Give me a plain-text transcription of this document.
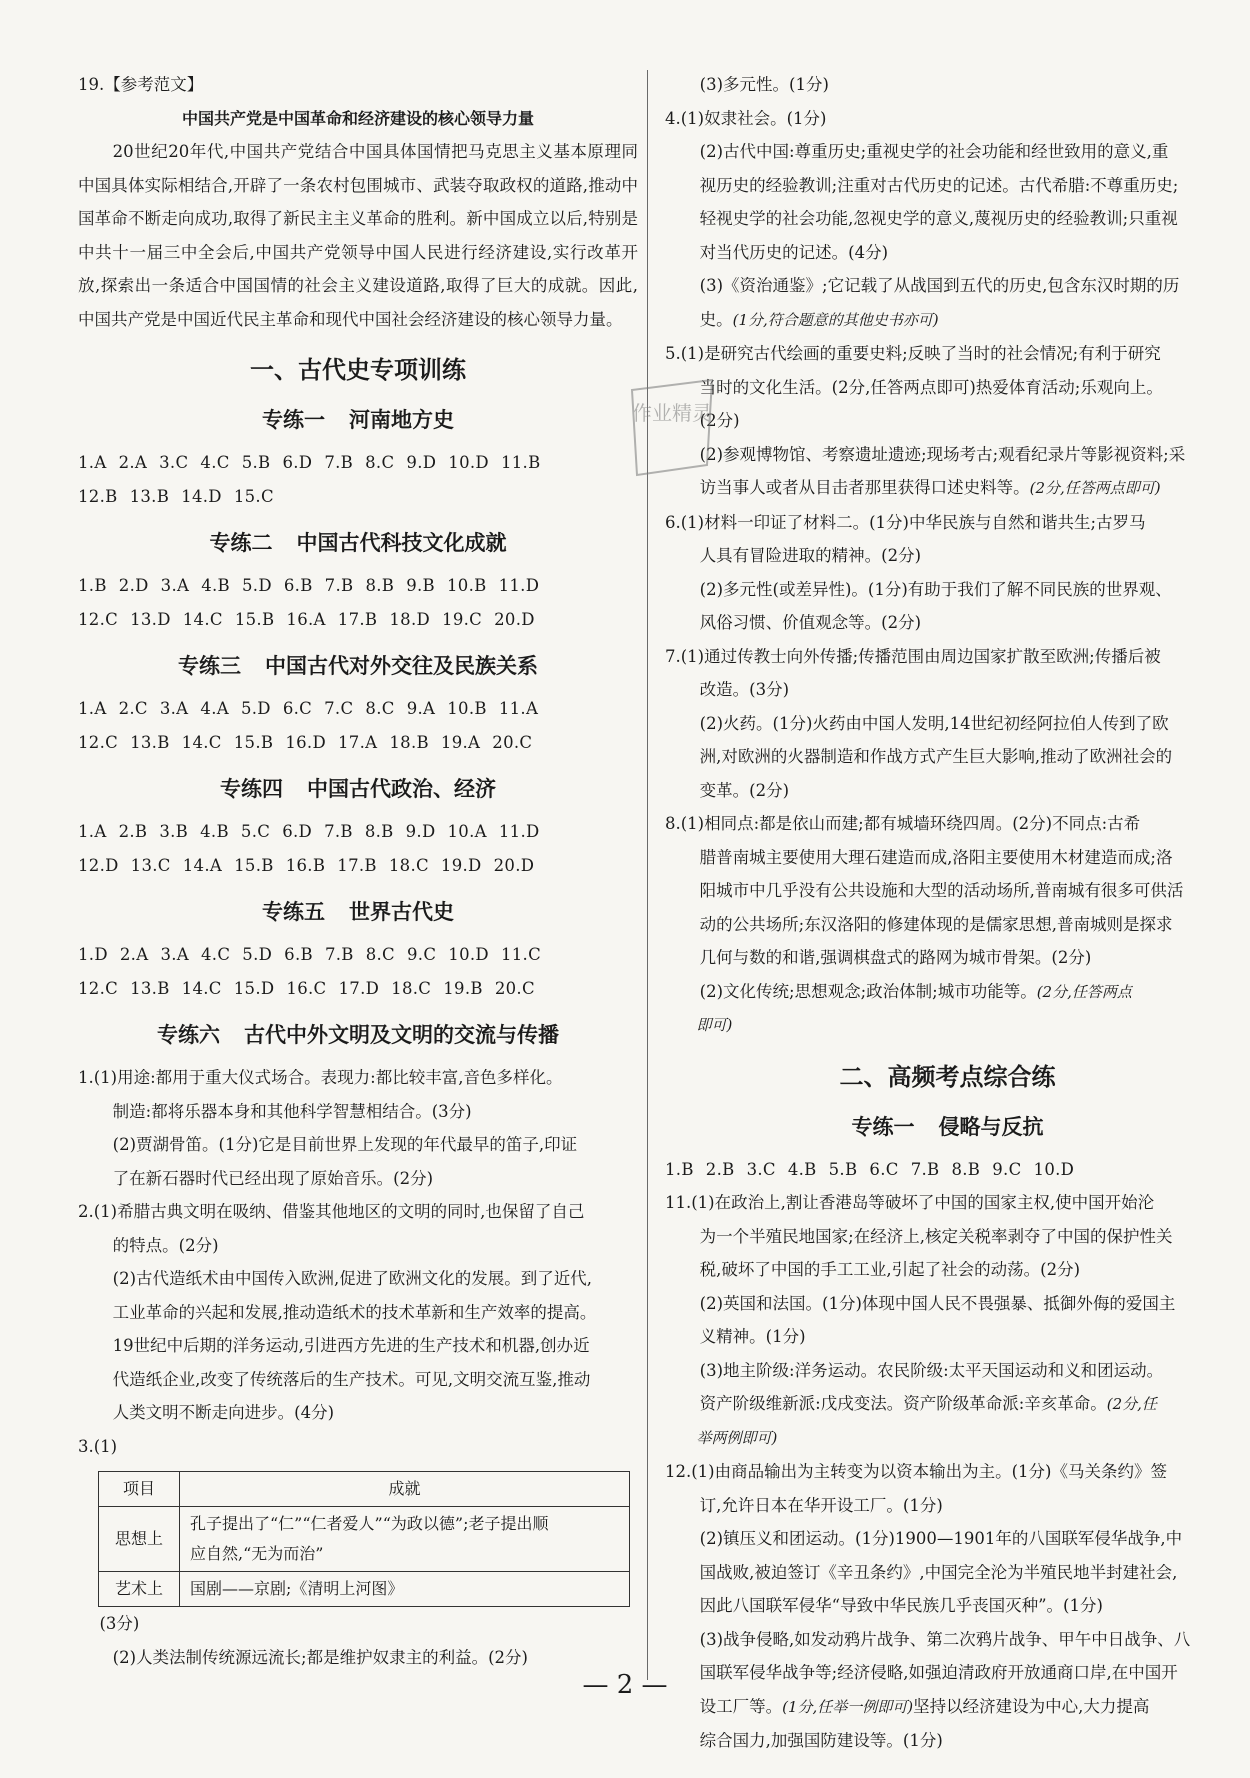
19.【参考范文】

中国共产党是中国革命和经济建设的核心领导力量

20世纪20年代,中国共产党结合中国具体国情把马克思主义基本原理同中国具体实际相结合,开辟了一条农村包围城市、武装夺取政权的道路,推动中国革命不断走向成功,取得了新民主主义革命的胜利。新中国成立以后,特别是中共十一届三中全会后,中国共产党领导中国人民进行经济建设,实行改革开放,探索出一条适合中国国情的社会主义建设道路,取得了巨大的成就。因此,中国共产党是中国近代民主革命和现代中国社会经济建设的核心领导力量。

一、古代史专项训练
专练一 河南地方史

1.A 2.A 3.C 4.C 5.B 6.D 7.B 8.C 9.D 10.D 11.B

12.B 13.B 14.D 15.C

专练二 中国古代科技文化成就

1.B 2.D 3.A 4.B 5.D 6.B 7.B 8.B 9.B 10.B 11.D

12.C 13.D 14.C 15.B 16.A 17.B 18.D 19.C 20.D

专练三 中国古代对外交往及民族关系

1.A 2.C 3.A 4.A 5.D 6.C 7.C 8.C 9.A 10.B 11.A

12.C 13.B 14.C 15.B 16.D 17.A 18.B 19.A 20.C

专练四 中国古代政治、经济

1.A 2.B 3.B 4.B 5.C 6.D 7.B 8.B 9.D 10.A 11.D

12.D 13.C 14.A 15.B 16.B 17.B 18.C 19.D 20.D

专练五 世界古代史

1.D 2.A 3.A 4.C 5.D 6.B 7.B 8.C 9.C 10.D 11.C

12.C 13.B 14.C 15.D 16.C 17.D 18.C 19.B 20.C

专练六 古代中外文明及文明的交流与传播

1.(1)用途:都用于重大仪式场合。表现力:都比较丰富,音色多样化。

制造:都将乐器本身和其他科学智慧相结合。(3分)

(2)贾湖骨笛。(1分)它是目前世界上发现的年代最早的笛子,印证

了在新石器时代已经出现了原始音乐。(2分)

2.(1)希腊古典文明在吸纳、借鉴其他地区的文明的同时,也保留了自己

的特点。(2分)

(2)古代造纸术由中国传入欧洲,促进了欧洲文化的发展。到了近代,

工业革命的兴起和发展,推动造纸术的技术革新和生产效率的提高。

19世纪中后期的洋务运动,引进西方先进的生产技术和机器,创办近

代造纸企业,改变了传统落后的生产技术。可见,文明交流互鉴,推动

人类文明不断走向进步。(4分)

3.(1)

项目	成就
思想上	孔子提出了“仁”“仁者爱人”“为政以德”;老子提出顺
应自然,“无为而治”
艺术上	国剧——京剧;《清明上河图》

(3分)

(2)人类法制传统源远流长;都是维护奴隶主的利益。(2分)

(3)多元性。(1分)

4.(1)奴隶社会。(1分)

(2)古代中国:尊重历史;重视史学的社会功能和经世致用的意义,重

视历史的经验教训;注重对古代历史的记述。古代希腊:不尊重历史;

轻视史学的社会功能,忽视史学的意义,蔑视历史的经验教训;只重视

对当代历史的记述。(4分)

(3)《资治通鉴》;它记载了从战国到五代的历史,包含东汉时期的历

史。(1分,符合题意的其他史书亦可)

5.(1)是研究古代绘画的重要史料;反映了当时的社会情况;有利于研究

当时的文化生活。(2分,任答两点即可)热爱体育活动;乐观向上。

(2分)

(2)参观博物馆、考察遗址遗迹;现场考古;观看纪录片等影视资料;采

访当事人或者从目击者那里获得口述史料等。(2分,任答两点即可)

6.(1)材料一印证了材料二。(1分)中华民族与自然和谐共生;古罗马

人具有冒险进取的精神。(2分)

(2)多元性(或差异性)。(1分)有助于我们了解不同民族的世界观、

风俗习惯、价值观念等。(2分)

7.(1)通过传教士向外传播;传播范围由周边国家扩散至欧洲;传播后被

改造。(3分)

(2)火药。(1分)火药由中国人发明,14世纪初经阿拉伯人传到了欧

洲,对欧洲的火器制造和作战方式产生巨大影响,推动了欧洲社会的

变革。(2分)

8.(1)相同点:都是依山而建;都有城墙环绕四周。(2分)不同点:古希

腊普南城主要使用大理石建造而成,洛阳主要使用木材建造而成;洛

阳城市中几乎没有公共设施和大型的活动场所,普南城有很多可供活

动的公共场所;东汉洛阳的修建体现的是儒家思想,普南城则是探求

几何与数的和谐,强调棋盘式的路网为城市骨架。(2分)

(2)文化传统;思想观念;政治体制;城市功能等。(2分,任答两点

即可)

二、高频考点综合练
专练一 侵略与反抗

1.B 2.B 3.C 4.B 5.B 6.C 7.B 8.B 9.C 10.D

11.(1)在政治上,割让香港岛等破坏了中国的国家主权,使中国开始沦

为一个半殖民地国家;在经济上,核定关税率剥夺了中国的保护性关

税,破坏了中国的手工工业,引起了社会的动荡。(2分)

(2)英国和法国。(1分)体现中国人民不畏强暴、抵御外侮的爱国主

义精神。(1分)

(3)地主阶级:洋务运动。农民阶级:太平天国运动和义和团运动。

资产阶级维新派:戊戌变法。资产阶级革命派:辛亥革命。(2分,任

举两例即可)

12.(1)由商品输出为主转变为以资本输出为主。(1分)《马关条约》签

订,允许日本在华开设工厂。(1分)

(2)镇压义和团运动。(1分)1900—1901年的八国联军侵华战争,中

国战败,被迫签订《辛丑条约》,中国完全沦为半殖民地半封建社会,

因此八国联军侵华“导致中华民族几乎丧国灭种”。(1分)

(3)战争侵略,如发动鸦片战争、第二次鸦片战争、甲午中日战争、八

国联军侵华战争等;经济侵略,如强迫清政府开放通商口岸,在中国开

设工厂等。(1分,任举一例即可)坚持以经济建设为中心,大力提高

综合国力,加强国防建设等。(1分)

作业精灵
— 2 —
